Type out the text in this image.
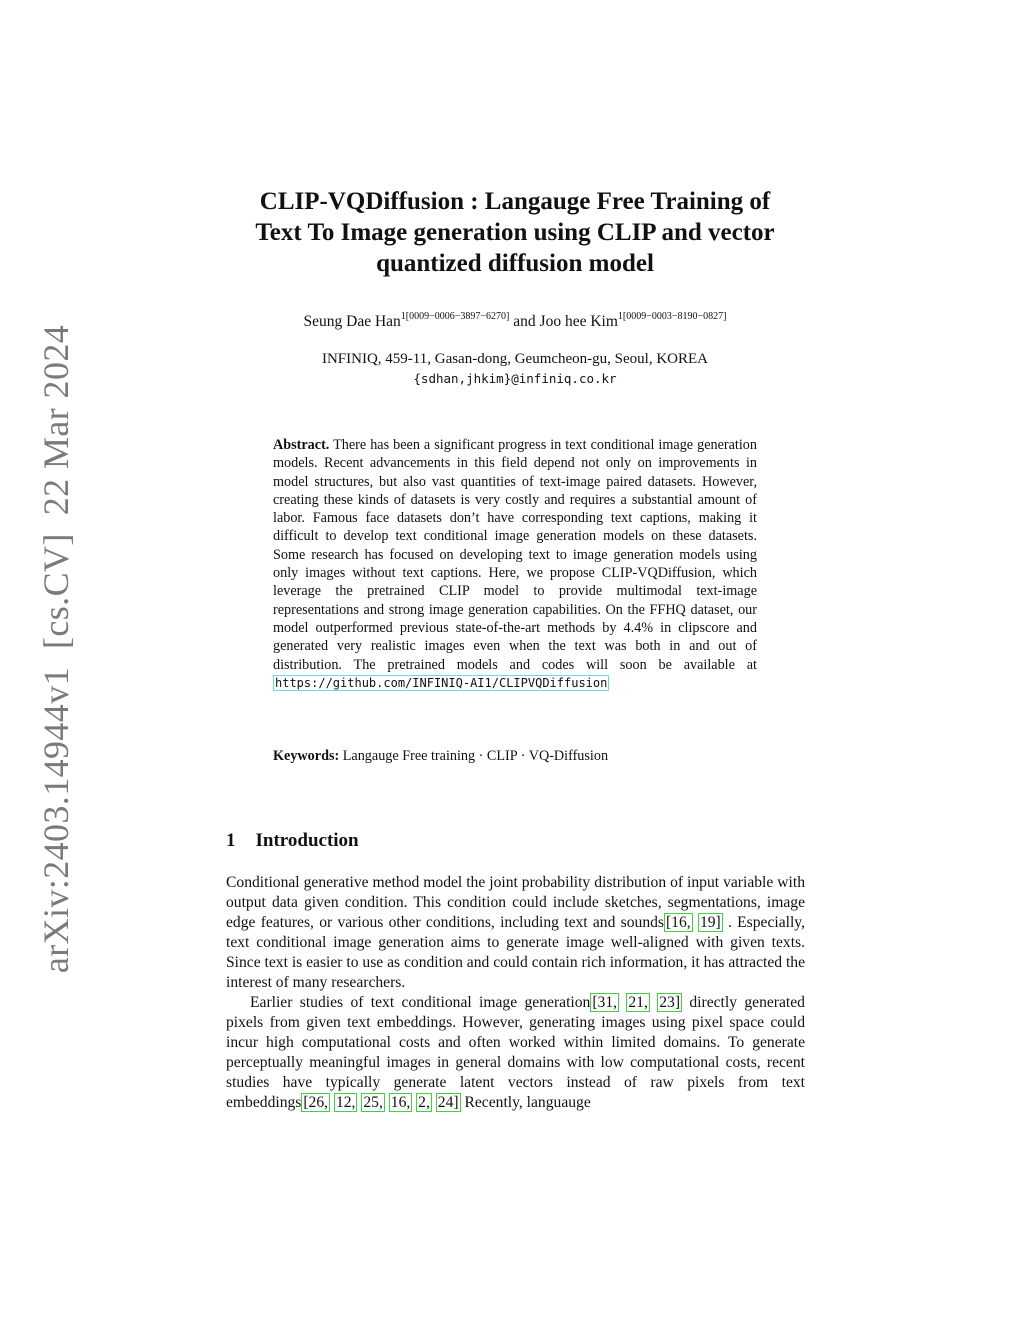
arXiv:2403.14944v1[cs.CV]22 Mar 2024
CLIP-VQDiffusion : Langauge Free Training of
Text To Image generation using CLIP and vector
quantized diffusion model
Seung Dae Han$^{1[0009-0006-3897-6270]}$ and Joo hee Kim$^{1[0009-0003-8190-0827]}$
INFINIQ, 459-11, Gasan-dong, Geumcheon-gu, Seoul, KOREA
{sdhan,jhkim}@infiniq.co.kr
Abstract. There has been a significant progress in text conditional image generation models. Recent advancements in this field depend not only on improvements in model structures, but also vast quantities of text-image paired datasets. However, creating these kinds of datasets is very costly and requires a substantial amount of labor. Famous face datasets don’t have corresponding text captions, making it difficult to develop text conditional image generation models on these datasets. Some research has focused on developing text to image generation models using only images without text captions. Here, we propose CLIP-VQDiffusion, which leverage the pretrained CLIP model to provide multimodal text-image representations and strong image generation capabilities. On the FFHQ dataset, our model outperformed previous state-of-the-art methods by 4.4% in clipscore and generated very realistic images even when the text was both in and out of distribution. The pretrained models and codes will soon be available at https://github.com/INFINIQ-AI1/CLIPVQDiffusion
Keywords: Langauge Free training · CLIP · VQ-Diffusion
1 Introduction

Conditional generative method model the joint probability distribution of input variable with output data given condition. This condition could include sketches, segmentations, image edge features, or various other conditions, including text and sounds [16, 19] . Especially, text conditional image generation aims to generate image well-aligned with given texts. Since text is easier to use as condition and could contain rich information, it has attracted the interest of many researchers.

Earlier studies of text conditional image generation [31, 21, 23] directly generated pixels from given text embeddings. However, generating images using pixel space could incur high computational costs and often worked within limited domains. To generate perceptually meaningful images in general domains with low computational costs, recent studies have typically generate latent vectors instead of raw pixels from text embeddings [26, 12, 25, 16, 2, 24] Recently, languauge
